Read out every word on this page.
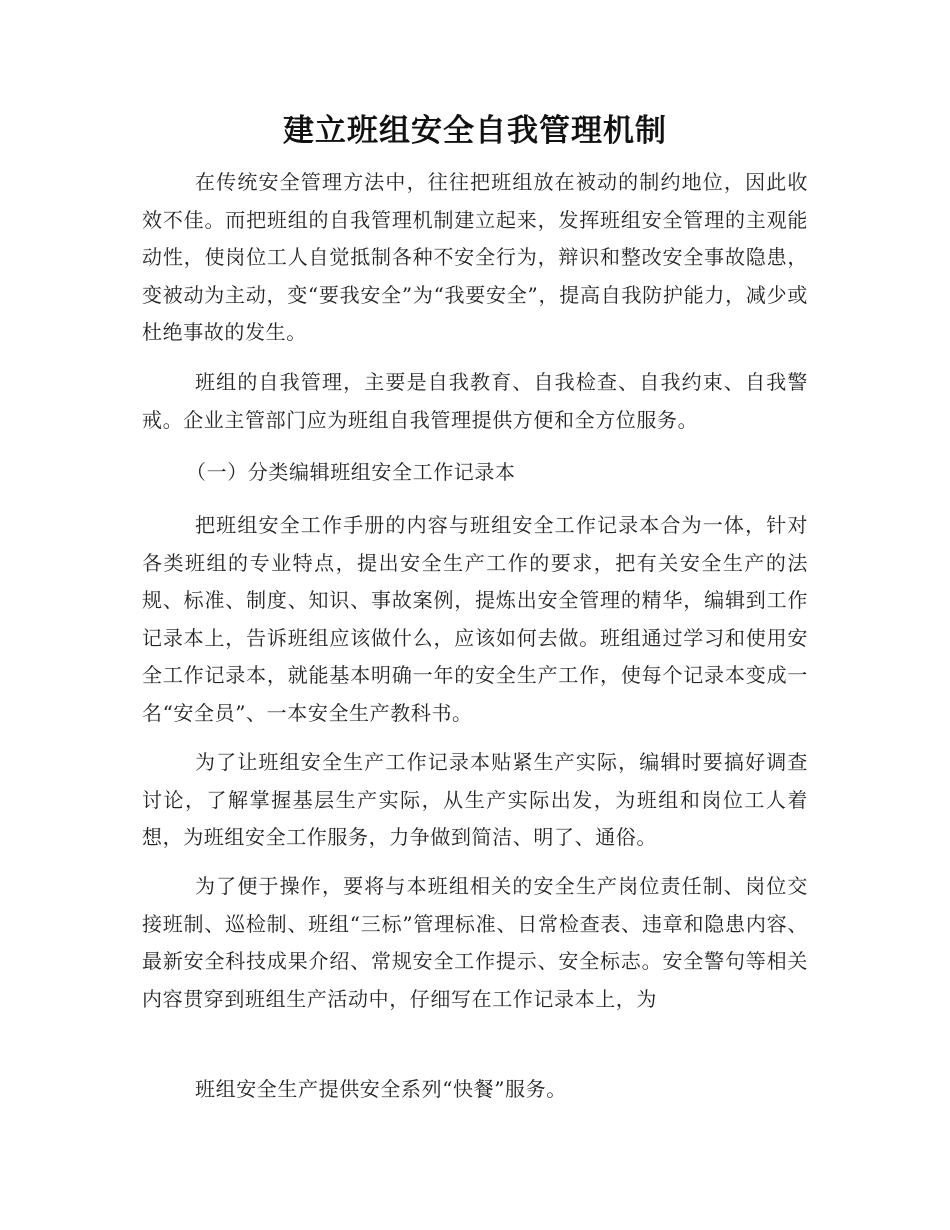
建立班组安全自我管理机制

在传统安全管理方法中，往往把班组放在被动的制约地位，因此收效不佳。而把班组的自我管理机制建立起来，发挥班组安全管理的主观能动性，使岗位工人自觉抵制各种不安全行为，辩识和整改安全事故隐患，变被动为主动，变“要我安全”为“我要安全”，提高自我防护能力，减少或杜绝事故的发生。

班组的自我管理，主要是自我教育、自我检查、自我约束、自我警戒。企业主管部门应为班组自我管理提供方便和全方位服务。

（一）分类编辑班组安全工作记录本

把班组安全工作手册的内容与班组安全工作记录本合为一体，针对各类班组的专业特点，提出安全生产工作的要求，把有关安全生产的法规、标准、制度、知识、事故案例，提炼出安全管理的精华，编辑到工作记录本上，告诉班组应该做什么，应该如何去做。班组通过学习和使用安全工作记录本，就能基本明确一年的安全生产工作，使每个记录本变成一名“安全员”、一本安全生产教科书。

为了让班组安全生产工作记录本贴紧生产实际，编辑时要搞好调查讨论，了解掌握基层生产实际，从生产实际出发，为班组和岗位工人着想，为班组安全工作服务，力争做到简洁、明了、通俗。

为了便于操作，要将与本班组相关的安全生产岗位责任制、岗位交接班制、巡检制、班组“三标”管理标准、日常检查表、违章和隐患内容、最新安全科技成果介绍、常规安全工作提示、安全标志。安全警句等相关内容贯穿到班组生产活动中，仔细写在工作记录本上，为

班组安全生产提供安全系列“快餐”服务。
